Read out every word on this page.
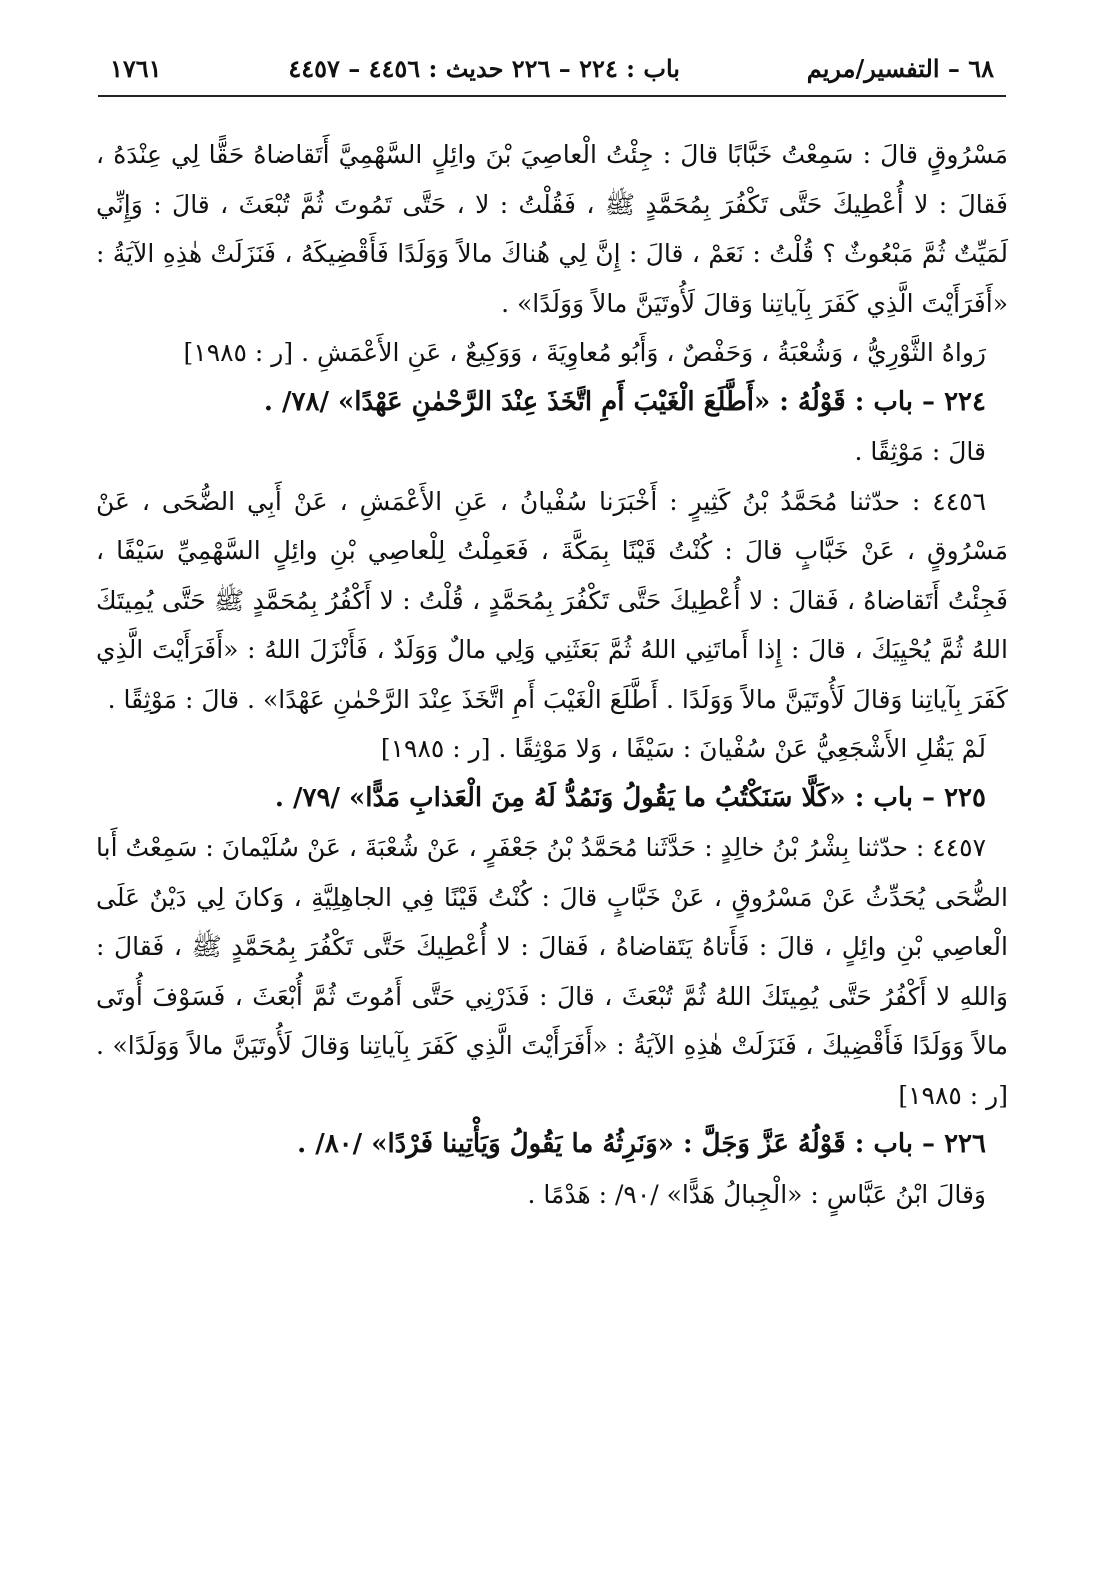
٦٨ – التفسير/مريم
باب : ٢٢٤ – ٢٢٦ حديث : ٤٤٥٦ – ٤٤٥٧
١٧٦١

مَسْرُوقٍ قالَ : سَمِعْتُ خَبَّابًا قالَ : جِئْتُ الْعاصِيَ بْنَ وائِلٍ السَّهْمِيَّ أَتَقاضاهُ حَقًّا لِي عِنْدَهُ ، فَقالَ : لا أُعْطِيكَ حَتَّى تَكْفُرَ بِمُحَمَّدٍ ﷺ ، فَقُلْتُ : لا ، حَتَّى تَمُوتَ ثُمَّ تُبْعَثَ ، قالَ : وَإِنِّي لَمَيِّتٌ ثُمَّ مَبْعُوثٌ ؟ قُلْتُ : نَعَمْ ، قالَ : إِنَّ لِي هُناكَ مالاً وَوَلَدًا فَأَقْضِيكَهُ ، فَنَزَلَتْ هٰذِهِ الآيَةُ : «أَفَرَأَيْتَ الَّذِي كَفَرَ بِآياتِنا وَقالَ لَأُوتَيَنَّ مالاً وَوَلَدًا» .

رَواهُ الثَّوْرِيُّ ، وَشُعْبَةُ ، وَحَفْصٌ ، وَأَبُو مُعاوِيَةَ ، وَوَكِيعٌ ، عَنِ الأَعْمَشِ . [ر : ١٩٨٥]

٢٢٤ – باب : قَوْلُهُ : «أَطَّلَعَ الْغَيْبَ أَمِ اتَّخَذَ عِنْدَ الرَّحْمٰنِ عَهْدًا» /٧٨/ .

قالَ : مَوْثِقًا .

٤٤٥٦ : حدّثنا مُحَمَّدُ بْنُ كَثِيرٍ : أَخْبَرَنا سُفْيانُ ، عَنِ الأَعْمَشِ ، عَنْ أَبِي الضُّحَى ، عَنْ مَسْرُوقٍ ، عَنْ خَبَّابٍ قالَ : كُنْتُ قَيْنًا بِمَكَّةَ ، فَعَمِلْتُ لِلْعاصِي بْنِ وائِلٍ السَّهْمِيِّ سَيْفًا ، فَجِئْتُ أَتَقاضاهُ ، فَقالَ : لا أُعْطِيكَ حَتَّى تَكْفُرَ بِمُحَمَّدٍ ، قُلْتُ : لا أَكْفُرُ بِمُحَمَّدٍ ﷺ حَتَّى يُمِيتَكَ اللهُ ثُمَّ يُحْيِيَكَ ، قالَ : إِذا أَماتَنِي اللهُ ثُمَّ بَعَثَنِي وَلِي مالٌ وَوَلَدٌ ، فَأَنْزَلَ اللهُ : «أَفَرَأَيْتَ الَّذِي كَفَرَ بِآياتِنا وَقالَ لَأُوتَيَنَّ مالاً وَوَلَدًا . أَطَّلَعَ الْغَيْبَ أَمِ اتَّخَذَ عِنْدَ الرَّحْمٰنِ عَهْدًا» . قالَ : مَوْثِقًا .

لَمْ يَقُلِ الأَشْجَعِيُّ عَنْ سُفْيانَ : سَيْفًا ، وَلا مَوْثِقًا . [ر : ١٩٨٥]

٢٢٥ – باب : «كَلَّا سَنَكْتُبُ ما يَقُولُ وَنَمُدُّ لَهُ مِنَ الْعَذابِ مَدًّا» /٧٩/ .

٤٤٥٧ : حدّثنا بِشْرُ بْنُ خالِدٍ : حَدَّثَنا مُحَمَّدُ بْنُ جَعْفَرٍ ، عَنْ شُعْبَةَ ، عَنْ سُلَيْمانَ : سَمِعْتُ أَبا الضُّحَى يُحَدِّثُ عَنْ مَسْرُوقٍ ، عَنْ خَبَّابٍ قالَ : كُنْتُ قَيْنًا فِي الجاهِلِيَّةِ ، وَكانَ لِي دَيْنٌ عَلَى الْعاصِي بْنِ وائِلٍ ، قالَ : فَأَتاهُ يَتَقاضاهُ ، فَقالَ : لا أُعْطِيكَ حَتَّى تَكْفُرَ بِمُحَمَّدٍ ﷺ ، فَقالَ : وَاللهِ لا أَكْفُرُ حَتَّى يُمِيتَكَ اللهُ ثُمَّ تُبْعَثَ ، قالَ : فَذَرْنِي حَتَّى أَمُوتَ ثُمَّ أُبْعَثَ ، فَسَوْفَ أُوتَى مالاً وَوَلَدًا فَأَقْضِيكَ ، فَنَزَلَتْ هٰذِهِ الآيَةُ : «أَفَرَأَيْتَ الَّذِي كَفَرَ بِآياتِنا وَقالَ لَأُوتَيَنَّ مالاً وَوَلَدًا» . [ر : ١٩٨٥]

٢٢٦ – باب : قَوْلُهُ عَزَّ وَجَلَّ : «وَنَرِثُهُ ما يَقُولُ وَيَأْتِينا فَرْدًا» /٨٠/ .

وَقالَ ابْنُ عَبَّاسٍ : «الْجِبالُ هَدًّا» /٩٠/ : هَدْمًا .
